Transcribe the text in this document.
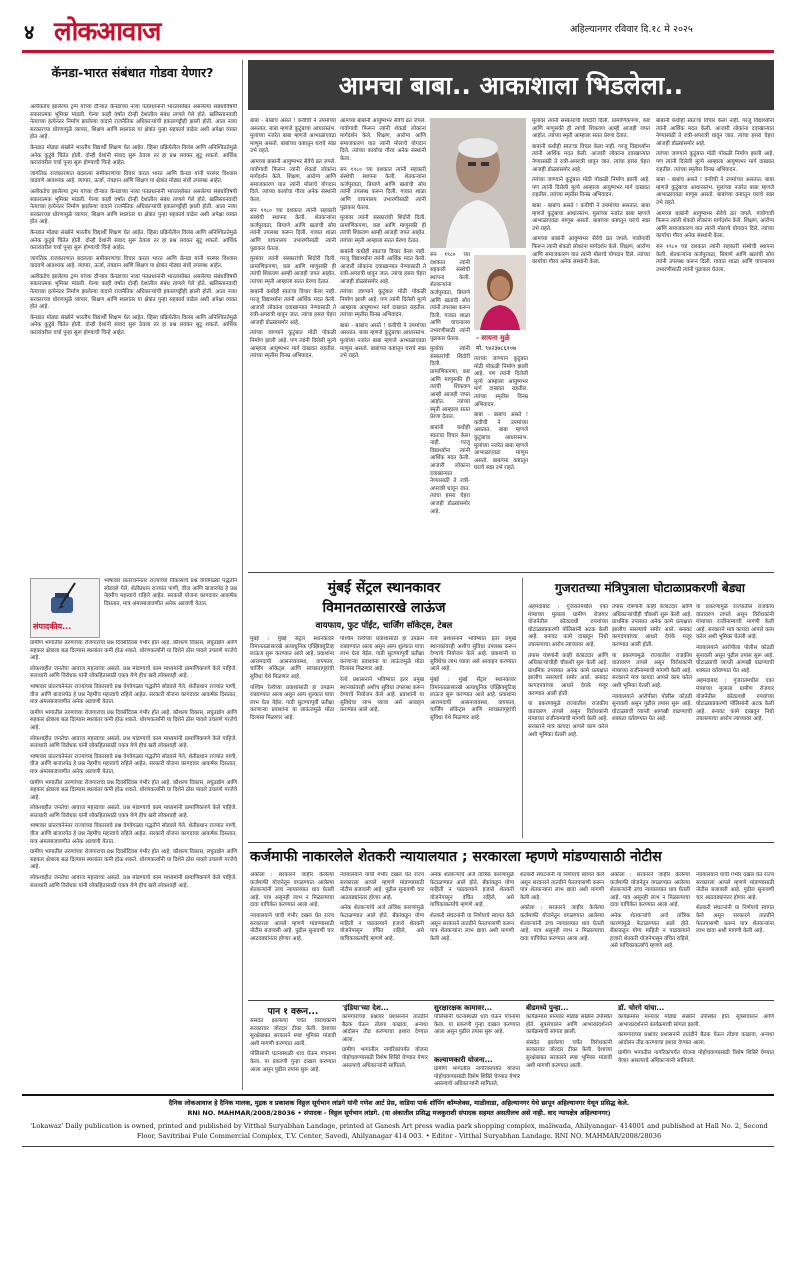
४ लोकआवाज	अहिल्यानगर रविवार दि.१८ मे २०२५
कॅनडा-भारत संबंधात गोडवा येणार?

अलीकडेच झालेल्या ट्रम्प यांच्या दौऱ्यात कॅनडाच्या नव्या पंतप्रधानांनी भारतासोबत असलेल्या संबंधांविषयी सकारात्मक भूमिका मांडली. गेल्या काही वर्षांत दोन्ही देशांतील संबंध ताणले गेले होते. खलिस्तानवादी नेत्याच्या हत्येनंतर निर्माण झालेल्या वादाने राजनैतिक अधिकाऱ्यांची हकालपट्टीही झाली होती. आता नव्या सरकारच्या धोरणामुळे व्यापार, शिक्षण आणि स्थलांतर या क्षेत्रांत पुन्हा सहकार्य वाढेल अशी अपेक्षा व्यक्त होत आहे.

कॅनडात मोठ्या संख्येने भारतीय विद्यार्थी शिक्षण घेत आहेत. व्हिसा प्रक्रियेतील विलंब आणि अनिश्चिततेमुळे अनेक कुटुंबे चिंतेत होती. दोन्ही देशांनी संवाद सुरू ठेवला तर हा प्रश्न लवकर सुटू शकतो. आर्थिक करारांवरील चर्चा पुन्हा सुरू होण्याची चिन्हे आहेत.

जागतिक राजकारणात बदलत्या समीकरणांचा विचार करता भारत आणि कॅनडा यांनी परस्पर विश्वास वाढवणे आवश्यक आहे. व्यापार, ऊर्जा, तंत्रज्ञान आणि शिक्षण या क्षेत्रांत मोठ्या संधी उपलब्ध आहेत.

अलीकडेच झालेल्या ट्रम्प यांच्या दौऱ्यात कॅनडाच्या नव्या पंतप्रधानांनी भारतासोबत असलेल्या संबंधांविषयी सकारात्मक भूमिका मांडली. गेल्या काही वर्षांत दोन्ही देशांतील संबंध ताणले गेले होते. खलिस्तानवादी नेत्याच्या हत्येनंतर निर्माण झालेल्या वादाने राजनैतिक अधिकाऱ्यांची हकालपट्टीही झाली होती. आता नव्या सरकारच्या धोरणामुळे व्यापार, शिक्षण आणि स्थलांतर या क्षेत्रांत पुन्हा सहकार्य वाढेल अशी अपेक्षा व्यक्त होत आहे.

कॅनडात मोठ्या संख्येने भारतीय विद्यार्थी शिक्षण घेत आहेत. व्हिसा प्रक्रियेतील विलंब आणि अनिश्चिततेमुळे अनेक कुटुंबे चिंतेत होती. दोन्ही देशांनी संवाद सुरू ठेवला तर हा प्रश्न लवकर सुटू शकतो. आर्थिक करारांवरील चर्चा पुन्हा सुरू होण्याची चिन्हे आहेत.

जागतिक राजकारणात बदलत्या समीकरणांचा विचार करता भारत आणि कॅनडा यांनी परस्पर विश्वास वाढवणे आवश्यक आहे. व्यापार, ऊर्जा, तंत्रज्ञान आणि शिक्षण या क्षेत्रांत मोठ्या संधी उपलब्ध आहेत.

अलीकडेच झालेल्या ट्रम्प यांच्या दौऱ्यात कॅनडाच्या नव्या पंतप्रधानांनी भारतासोबत असलेल्या संबंधांविषयी सकारात्मक भूमिका मांडली. गेल्या काही वर्षांत दोन्ही देशांतील संबंध ताणले गेले होते. खलिस्तानवादी नेत्याच्या हत्येनंतर निर्माण झालेल्या वादाने राजनैतिक अधिकाऱ्यांची हकालपट्टीही झाली होती. आता नव्या सरकारच्या धोरणामुळे व्यापार, शिक्षण आणि स्थलांतर या क्षेत्रांत पुन्हा सहकार्य वाढेल अशी अपेक्षा व्यक्त होत आहे.

कॅनडात मोठ्या संख्येने भारतीय विद्यार्थी शिक्षण घेत आहेत. व्हिसा प्रक्रियेतील विलंब आणि अनिश्चिततेमुळे अनेक कुटुंबे चिंतेत होती. दोन्ही देशांनी संवाद सुरू ठेवला तर हा प्रश्न लवकर सुटू शकतो. आर्थिक करारांवरील चर्चा पुन्हा सुरू होण्याची चिन्हे आहेत.

संपादकीय...

भाषावार प्रांतरचनेनंतर राज्यांच्या विकासाचे प्रश्न वेगवेगळ्या पद्धतीने सोडवले गेले. शेतीप्रधान राज्यांत पाणी, वीज आणि बाजारपेठ हे प्रश्न नेहमीच महत्त्वाचे राहिले आहेत. सरकारी योजना कागदावर आकर्षक दिसतात, मात्र अंमलबजावणीत अनेक अडचणी येतात.

ग्रामीण भागातील तरुणांच्या रोजगाराचा प्रश्न दिवसेंदिवस गंभीर होत आहे. कौशल्य विकास, लघुउद्योग आणि सहकार क्षेत्राला बळ दिल्यास स्थलांतर कमी होऊ शकते. धोरणकर्त्यांनी या दिशेने ठोस पावले उचलणे गरजेचे आहे.

लोकशाहीत जनतेचा आवाज महत्त्वाचा असतो. प्रश्न मांडण्याचे काम माध्यमांनी प्रामाणिकपणे केले पाहिजे. सत्ताधारी आणि विरोधक यांनी लोकहितासाठी एकत्र येणे हीच खरी लोकशाही आहे.

भाषावार प्रांतरचनेनंतर राज्यांच्या विकासाचे प्रश्न वेगवेगळ्या पद्धतीने सोडवले गेले. शेतीप्रधान राज्यांत पाणी, वीज आणि बाजारपेठ हे प्रश्न नेहमीच महत्त्वाचे राहिले आहेत. सरकारी योजना कागदावर आकर्षक दिसतात, मात्र अंमलबजावणीत अनेक अडचणी येतात.

ग्रामीण भागातील तरुणांच्या रोजगाराचा प्रश्न दिवसेंदिवस गंभीर होत आहे. कौशल्य विकास, लघुउद्योग आणि सहकार क्षेत्राला बळ दिल्यास स्थलांतर कमी होऊ शकते. धोरणकर्त्यांनी या दिशेने ठोस पावले उचलणे गरजेचे आहे.

लोकशाहीत जनतेचा आवाज महत्त्वाचा असतो. प्रश्न मांडण्याचे काम माध्यमांनी प्रामाणिकपणे केले पाहिजे. सत्ताधारी आणि विरोधक यांनी लोकहितासाठी एकत्र येणे हीच खरी लोकशाही आहे.

भाषावार प्रांतरचनेनंतर राज्यांच्या विकासाचे प्रश्न वेगवेगळ्या पद्धतीने सोडवले गेले. शेतीप्रधान राज्यांत पाणी, वीज आणि बाजारपेठ हे प्रश्न नेहमीच महत्त्वाचे राहिले आहेत. सरकारी योजना कागदावर आकर्षक दिसतात, मात्र अंमलबजावणीत अनेक अडचणी येतात.

ग्रामीण भागातील तरुणांच्या रोजगाराचा प्रश्न दिवसेंदिवस गंभीर होत आहे. कौशल्य विकास, लघुउद्योग आणि सहकार क्षेत्राला बळ दिल्यास स्थलांतर कमी होऊ शकते. धोरणकर्त्यांनी या दिशेने ठोस पावले उचलणे गरजेचे आहे.

लोकशाहीत जनतेचा आवाज महत्त्वाचा असतो. प्रश्न मांडण्याचे काम माध्यमांनी प्रामाणिकपणे केले पाहिजे. सत्ताधारी आणि विरोधक यांनी लोकहितासाठी एकत्र येणे हीच खरी लोकशाही आहे.

भाषावार प्रांतरचनेनंतर राज्यांच्या विकासाचे प्रश्न वेगवेगळ्या पद्धतीने सोडवले गेले. शेतीप्रधान राज्यांत पाणी, वीज आणि बाजारपेठ हे प्रश्न नेहमीच महत्त्वाचे राहिले आहेत. सरकारी योजना कागदावर आकर्षक दिसतात, मात्र अंमलबजावणीत अनेक अडचणी येतात.

ग्रामीण भागातील तरुणांच्या रोजगाराचा प्रश्न दिवसेंदिवस गंभीर होत आहे. कौशल्य विकास, लघुउद्योग आणि सहकार क्षेत्राला बळ दिल्यास स्थलांतर कमी होऊ शकते. धोरणकर्त्यांनी या दिशेने ठोस पावले उचलणे गरजेचे आहे.

लोकशाहीत जनतेचा आवाज महत्त्वाचा असतो. प्रश्न मांडण्याचे काम माध्यमांनी प्रामाणिकपणे केले पाहिजे. सत्ताधारी आणि विरोधक यांनी लोकहितासाठी एकत्र येणे हीच खरी लोकशाही आहे.

आमचा बाबा.. आकाशाला भिडलेला..

बाबा - बाबांच असते ! कवीची ने उपमांच्या असतात. बाबा म्हणजे कुटुंबाचा आधारस्तंभ. मुलांच्या नजरेत बाबा म्हणजे आभाळाएवढा माणूस असतो. बाबांच्या कष्टातून घराचे स्वप्न उभे राहते.

आमच्या बाबांनी आयुष्यभर सेवेचे व्रत जपले. गावोगावी फिरून त्यांनी शेकडो लोकांना मार्गदर्शन केले. शिक्षण, आरोग्य आणि समाजकारण यात त्यांनी मोलाचे योगदान दिले. त्यांच्या कार्याचा गौरव अनेक संस्थांनी केला.

सन १९८० च्या दशकात त्यांनी सहकारी संस्थेची स्थापना केली. शेतकऱ्यांना कर्जपुरवठा, बियाणे आणि खतांची सोय त्यांनी उपलब्ध करून दिली. गावात शाळा आणि वाचनालय उभारणीसाठी त्यांनी पुढाकार घेतला.

मुलांवर त्यांनी संस्कारांची शिदोरी दिली. प्रामाणिकपणा, कष्ट आणि माणुसकी ही त्यांची शिकवण आम्ही आजही जपत आहोत. त्यांच्या स्मृती आम्हाला सतत प्रेरणा देतात.

बाबांनी कधीही स्वतःचा विचार केला नाही. गरजू विद्यार्थ्यांना त्यांनी आर्थिक मदत केली. आजारी लोकांना दवाखान्यात नेण्यासाठी ते रात्री-अपरात्री धावून जात. त्यांचा हसरा चेहरा आजही डोळ्यांसमोर आहे.

त्यांच्या जाण्याने कुटुंबात मोठी पोकळी निर्माण झाली आहे. पण त्यांनी दिलेली मूल्ये आम्हाला आयुष्यभर मार्ग दाखवत राहतील. त्यांच्या स्मृतीस विनम्र अभिवादन.

आमच्या बाबांनी आयुष्यभर सेवेचे व्रत जपले. गावोगावी फिरून त्यांनी शेकडो लोकांना मार्गदर्शन केले. शिक्षण, आरोग्य आणि समाजकारण यात त्यांनी मोलाचे योगदान दिले. त्यांच्या कार्याचा गौरव अनेक संस्थांनी केला.

सन १९८० च्या दशकात त्यांनी सहकारी संस्थेची स्थापना केली. शेतकऱ्यांना कर्जपुरवठा, बियाणे आणि खतांची सोय त्यांनी उपलब्ध करून दिली. गावात शाळा आणि वाचनालय उभारणीसाठी त्यांनी पुढाकार घेतला.

मुलांवर त्यांनी संस्कारांची शिदोरी दिली. प्रामाणिकपणा, कष्ट आणि माणुसकी ही त्यांची शिकवण आम्ही आजही जपत आहोत. त्यांच्या स्मृती आम्हाला सतत प्रेरणा देतात.

बाबांनी कधीही स्वतःचा विचार केला नाही. गरजू विद्यार्थ्यांना त्यांनी आर्थिक मदत केली. आजारी लोकांना दवाखान्यात नेण्यासाठी ते रात्री-अपरात्री धावून जात. त्यांचा हसरा चेहरा आजही डोळ्यांसमोर आहे.

त्यांच्या जाण्याने कुटुंबात मोठी पोकळी निर्माण झाली आहे. पण त्यांनी दिलेली मूल्ये आम्हाला आयुष्यभर मार्ग दाखवत राहतील. त्यांच्या स्मृतीस विनम्र अभिवादन.

बाबा - बाबांच असते ! कवीची ने उपमांच्या असतात. बाबा म्हणजे कुटुंबाचा आधारस्तंभ. मुलांच्या नजरेत बाबा म्हणजे आभाळाएवढा माणूस असतो. बाबांच्या कष्टातून घराचे स्वप्न उभे राहते.

सन १९८० च्या दशकात त्यांनी सहकारी संस्थेची स्थापना केली. शेतकऱ्यांना कर्जपुरवठा, बियाणे आणि खतांची सोय त्यांनी उपलब्ध करून दिली. गावात शाळा आणि वाचनालय उभारणीसाठी त्यांनी पुढाकार घेतला.

मुलांवर त्यांनी संस्कारांची शिदोरी दिली. प्रामाणिकपणा, कष्ट आणि माणुसकी ही त्यांची शिकवण आम्ही आजही जपत आहोत. त्यांच्या स्मृती आम्हाला सतत प्रेरणा देतात.

बाबांनी कधीही स्वतःचा विचार केला नाही. गरजू विद्यार्थ्यांना त्यांनी आर्थिक मदत केली. आजारी लोकांना दवाखान्यात नेण्यासाठी ते रात्री-अपरात्री धावून जात. त्यांचा हसरा चेहरा आजही डोळ्यांसमोर आहे.

- सायना मुळे
मो. ९४२३७८६१०७

त्यांच्या जाण्याने कुटुंबात मोठी पोकळी निर्माण झाली आहे. पण त्यांनी दिलेली मूल्ये आम्हाला आयुष्यभर मार्ग दाखवत राहतील. त्यांच्या स्मृतीस विनम्र अभिवादन.

बाबा - बाबांच असते ! कवीची ने उपमांच्या असतात. बाबा म्हणजे कुटुंबाचा आधारस्तंभ. मुलांच्या नजरेत बाबा म्हणजे आभाळाएवढा माणूस असतो. बाबांच्या कष्टातून घराचे स्वप्न उभे राहते.

मुलांवर त्यांनी संस्कारांची शिदोरी दिली. प्रामाणिकपणा, कष्ट आणि माणुसकी ही त्यांची शिकवण आम्ही आजही जपत आहोत. त्यांच्या स्मृती आम्हाला सतत प्रेरणा देतात.

बाबांनी कधीही स्वतःचा विचार केला नाही. गरजू विद्यार्थ्यांना त्यांनी आर्थिक मदत केली. आजारी लोकांना दवाखान्यात नेण्यासाठी ते रात्री-अपरात्री धावून जात. त्यांचा हसरा चेहरा आजही डोळ्यांसमोर आहे.

त्यांच्या जाण्याने कुटुंबात मोठी पोकळी निर्माण झाली आहे. पण त्यांनी दिलेली मूल्ये आम्हाला आयुष्यभर मार्ग दाखवत राहतील. त्यांच्या स्मृतीस विनम्र अभिवादन.

बाबा - बाबांच असते ! कवीची ने उपमांच्या असतात. बाबा म्हणजे कुटुंबाचा आधारस्तंभ. मुलांच्या नजरेत बाबा म्हणजे आभाळाएवढा माणूस असतो. बाबांच्या कष्टातून घराचे स्वप्न उभे राहते.

आमच्या बाबांनी आयुष्यभर सेवेचे व्रत जपले. गावोगावी फिरून त्यांनी शेकडो लोकांना मार्गदर्शन केले. शिक्षण, आरोग्य आणि समाजकारण यात त्यांनी मोलाचे योगदान दिले. त्यांच्या कार्याचा गौरव अनेक संस्थांनी केला.

बाबांनी कधीही स्वतःचा विचार केला नाही. गरजू विद्यार्थ्यांना त्यांनी आर्थिक मदत केली. आजारी लोकांना दवाखान्यात नेण्यासाठी ते रात्री-अपरात्री धावून जात. त्यांचा हसरा चेहरा आजही डोळ्यांसमोर आहे.

त्यांच्या जाण्याने कुटुंबात मोठी पोकळी निर्माण झाली आहे. पण त्यांनी दिलेली मूल्ये आम्हाला आयुष्यभर मार्ग दाखवत राहतील. त्यांच्या स्मृतीस विनम्र अभिवादन.

बाबा - बाबांच असते ! कवीची ने उपमांच्या असतात. बाबा म्हणजे कुटुंबाचा आधारस्तंभ. मुलांच्या नजरेत बाबा म्हणजे आभाळाएवढा माणूस असतो. बाबांच्या कष्टातून घराचे स्वप्न उभे राहते.

आमच्या बाबांनी आयुष्यभर सेवेचे व्रत जपले. गावोगावी फिरून त्यांनी शेकडो लोकांना मार्गदर्शन केले. शिक्षण, आरोग्य आणि समाजकारण यात त्यांनी मोलाचे योगदान दिले. त्यांच्या कार्याचा गौरव अनेक संस्थांनी केला.

सन १९८० च्या दशकात त्यांनी सहकारी संस्थेची स्थापना केली. शेतकऱ्यांना कर्जपुरवठा, बियाणे आणि खतांची सोय त्यांनी उपलब्ध करून दिली. गावात शाळा आणि वाचनालय उभारणीसाठी त्यांनी पुढाकार घेतला.

मुंबई सेंट्रल स्थानकावर
विमानतळासारखे लाऊंज
वायफाय, फुट पॉईंट, चार्जिंग सॉकेट्स, टेबल

मुंबई : मुंबई सेंट्रल स्थानकावर विमानतळासारखे अत्याधुनिक एक्झिक्युटिव्ह लाऊंज सुरू करण्यात आले आहे. प्रवाशांना आरामदायी आसनव्यवस्था, वायफाय, चार्जिंग सॉकेट्स आणि स्वच्छतागृहांची सुविधा येथे मिळणार आहे.

पश्चिम रेल्वेच्या प्रवाशांसाठी हा उपक्रम राबवण्यात आला असून अल्प शुल्कात याचा लाभ घेता येईल. गाडी सुटण्यापूर्वी प्रतीक्षा करणाऱ्या प्रवाशांना या लाऊंजमुळे मोठा दिलासा मिळणार आहे.

पश्चिम रेल्वेच्या प्रवाशांसाठी हा उपक्रम राबवण्यात आला असून अल्प शुल्कात याचा लाभ घेता येईल. गाडी सुटण्यापूर्वी प्रतीक्षा करणाऱ्या प्रवाशांना या लाऊंजमुळे मोठा दिलासा मिळणार आहे.

रेल्वे प्रशासनाने भविष्यात इतर प्रमुख स्थानकांवरही अशीच सुविधा उपलब्ध करून देण्याचे नियोजन केले आहे. प्रवाशांनी या सुविधेचा लाभ घ्यावा असे आवाहन करण्यात आले आहे.

रेल्वे प्रशासनाने भविष्यात इतर प्रमुख स्थानकांवरही अशीच सुविधा उपलब्ध करून देण्याचे नियोजन केले आहे. प्रवाशांनी या सुविधेचा लाभ घ्यावा असे आवाहन करण्यात आले आहे.

मुंबई : मुंबई सेंट्रल स्थानकावर विमानतळासारखे अत्याधुनिक एक्झिक्युटिव्ह लाऊंज सुरू करण्यात आले आहे. प्रवाशांना आरामदायी आसनव्यवस्था, वायफाय, चार्जिंग सॉकेट्स आणि स्वच्छतागृहांची सुविधा येथे मिळणार आहे.

गुजरातच्या मंत्रिपुत्राला घोटाळाप्रकरणी बेड्या

अहमदाबाद : गुजरातमधील एका मंत्र्याच्या मुलाला ग्रामीण रोजगार योजनेतील कोट्यवधी रुपयांच्या घोटाळ्याप्रकरणी पोलिसांनी अटक केली आहे. बनावट कामे दाखवून निधी उचलल्याचा आरोप त्याच्यावर आहे.

तपास यंत्रणांनी काही कंत्राटदार आणि अधिकाऱ्यांचीही चौकशी सुरू केली आहे. प्राथमिक तपासात अनेक कामे प्रत्यक्षात झालीच नसल्याचे समोर आले. बनावट कागदपत्रांच्या आधारे देयके मंजूर करण्यात आली होती.

या प्रकरणामुळे राज्यातील राजकीय वातावरण तापले असून विरोधकांनी मंत्र्याच्या राजीनाम्याची मागणी केली आहे. सरकारने मात्र कायदा आपले काम करेल अशी भूमिका घेतली आहे.

तपास यंत्रणांनी काही कंत्राटदार आणि अधिकाऱ्यांचीही चौकशी सुरू केली आहे. प्राथमिक तपासात अनेक कामे प्रत्यक्षात झालीच नसल्याचे समोर आले. बनावट कागदपत्रांच्या आधारे देयके मंजूर करण्यात आली होती.

या प्रकरणामुळे राज्यातील राजकीय वातावरण तापले असून विरोधकांनी मंत्र्याच्या राजीनाम्याची मागणी केली आहे. सरकारने मात्र कायदा आपले काम करेल अशी भूमिका घेतली आहे.

न्यायालयाने आरोपीला पोलीस कोठडी सुनावली असून पुढील तपास सुरू आहे. घोटाळ्याची व्याप्ती आणखी वाढण्याची शक्यता वर्तवण्यात येत आहे.

या प्रकरणामुळे राज्यातील राजकीय वातावरण तापले असून विरोधकांनी मंत्र्याच्या राजीनाम्याची मागणी केली आहे. सरकारने मात्र कायदा आपले काम करेल अशी भूमिका घेतली आहे.

न्यायालयाने आरोपीला पोलीस कोठडी सुनावली असून पुढील तपास सुरू आहे. घोटाळ्याची व्याप्ती आणखी वाढण्याची शक्यता वर्तवण्यात येत आहे.

अहमदाबाद : गुजरातमधील एका मंत्र्याच्या मुलाला ग्रामीण रोजगार योजनेतील कोट्यवधी रुपयांच्या घोटाळ्याप्रकरणी पोलिसांनी अटक केली आहे. बनावट कामे दाखवून निधी उचलल्याचा आरोप त्याच्यावर आहे.

कर्जमाफी नाकारलेले शेतकरी न्यायालयात ; सरकारला म्हणणे मांडण्यासाठी नोटीस

अकोला : सरकारने जाहीर केलेल्या कर्जमाफी योजनेतून वगळण्यात आलेल्या शेतकऱ्यांनी उच्च न्यायालयात धाव घेतली आहे. पात्र असूनही लाभ न मिळाल्याचा दावा याचिकेत करण्यात आला आहे.

न्यायालयाने याची गंभीर दखल घेत राज्य सरकारला आपले म्हणणे मांडण्यासाठी नोटीस बजावली आहे. पुढील सुनावणी चार आठवड्यांनंतर होणार आहे.

न्यायालयाने याची गंभीर दखल घेत राज्य सरकारला आपले म्हणणे मांडण्यासाठी नोटीस बजावली आहे. पुढील सुनावणी चार आठवड्यांनंतर होणार आहे.

अनेक शेतकऱ्यांचे अर्ज तांत्रिक कारणांमुळे फेटाळण्यात आले होते. बँकांकडून योग्य माहिती न पाठवल्याने हजारो शेतकरी योजनेपासून वंचित राहिले, असे याचिकाकर्त्यांचे म्हणणे आहे.

अनेक शेतकऱ्यांचे अर्ज तांत्रिक कारणांमुळे फेटाळण्यात आले होते. बँकांकडून योग्य माहिती न पाठवल्याने हजारो शेतकरी योजनेपासून वंचित राहिले, असे याचिकाकर्त्यांचे म्हणणे आहे.

शेतकरी संघटनांनी या निर्णयाचे स्वागत केले असून सरकारने तातडीने फेरतपासणी करून पात्र शेतकऱ्यांना लाभ द्यावा अशी मागणी केली आहे.

शेतकरी संघटनांनी या निर्णयाचे स्वागत केले असून सरकारने तातडीने फेरतपासणी करून पात्र शेतकऱ्यांना लाभ द्यावा अशी मागणी केली आहे.

अकोला : सरकारने जाहीर केलेल्या कर्जमाफी योजनेतून वगळण्यात आलेल्या शेतकऱ्यांनी उच्च न्यायालयात धाव घेतली आहे. पात्र असूनही लाभ न मिळाल्याचा दावा याचिकेत करण्यात आला आहे.

अकोला : सरकारने जाहीर केलेल्या कर्जमाफी योजनेतून वगळण्यात आलेल्या शेतकऱ्यांनी उच्च न्यायालयात धाव घेतली आहे. पात्र असूनही लाभ न मिळाल्याचा दावा याचिकेत करण्यात आला आहे.

अनेक शेतकऱ्यांचे अर्ज तांत्रिक कारणांमुळे फेटाळण्यात आले होते. बँकांकडून योग्य माहिती न पाठवल्याने हजारो शेतकरी योजनेपासून वंचित राहिले, असे याचिकाकर्त्यांचे म्हणणे आहे.

न्यायालयाने याची गंभीर दखल घेत राज्य सरकारला आपले म्हणणे मांडण्यासाठी नोटीस बजावली आहे. पुढील सुनावणी चार आठवड्यांनंतर होणार आहे.

शेतकरी संघटनांनी या निर्णयाचे स्वागत केले असून सरकारने तातडीने फेरतपासणी करून पात्र शेतकऱ्यांना लाभ द्यावा अशी मागणी केली आहे.

पान १ वरून...

संसदेत झालेल्या चर्चेत विरोधकांनी सरकारवर जोरदार टीका केली. देशाच्या सुरक्षेबाबत सरकारने स्पष्ट भूमिका मांडावी अशी मागणी करण्यात आली.

पोलिसांनी घटनास्थळी धाव घेऊन पंचनामा केला. या प्रकरणी गुन्हा दाखल करण्यात आला असून पुढील तपास सुरू आहे.

'इंडिया'च्या देश...

कामगारांच्या प्रश्नांवर प्रशासनाने तातडीने बैठक घेऊन तोडगा काढावा, अन्यथा आंदोलन तीव्र करण्याचा इशारा देण्यात आला.

ग्रामीण भागातील नागरिकांपर्यंत योजना पोहोचवण्यासाठी विशेष शिबिरे घेण्यात येणार असल्याचे अधिकाऱ्यांनी सांगितले.

सुरक्षारक्षक कामावर...

पोलिसांनी घटनास्थळी धाव घेऊन पंचनामा केला. या प्रकरणी गुन्हा दाखल करण्यात आला असून पुढील तपास सुरू आहे.

कल्याणकारी योजना...

ग्रामीण भागातील नागरिकांपर्यंत योजना पोहोचवण्यासाठी विशेष शिबिरे घेण्यात येणार असल्याचे अधिकाऱ्यांनी सांगितले.

बीडमध्ये पुन्हा...

कार्यक्रमास मान्यवर मोठ्या संख्येने उपस्थित होते. सूत्रसंचालन आणि आभारप्रदर्शनाने कार्यक्रमाची सांगता झाली.

संसदेत झालेल्या चर्चेत विरोधकांनी सरकारवर जोरदार टीका केली. देशाच्या सुरक्षेबाबत सरकारने स्पष्ट भूमिका मांडावी अशी मागणी करण्यात आली.

डॉ. चोरगे यांचा...

कार्यक्रमास मान्यवर मोठ्या संख्येने उपस्थित होते. सूत्रसंचालन आणि आभारप्रदर्शनाने कार्यक्रमाची सांगता झाली.

कामगारांच्या प्रश्नांवर प्रशासनाने तातडीने बैठक घेऊन तोडगा काढावा, अन्यथा आंदोलन तीव्र करण्याचा इशारा देण्यात आला.

ग्रामीण भागातील नागरिकांपर्यंत योजना पोहोचवण्यासाठी विशेष शिबिरे घेण्यात येणार असल्याचे अधिकाऱ्यांनी सांगितले.

दैनिक लोकआवाज हे दैनिक मालक, मुद्रक व प्रकाशक विठ्ठल सूर्यभान लांडगे यांनी गणेश आर्ट प्रेस, वाडिया पार्क शॉपिंग कॉम्प्लेक्स, माळीवाडा, अहिल्यानगर येथे छापून अहिल्यानगर येथून प्रसिद्ध केले.
RNI NO. MAHMAR/2008/28036 • संपादक - विठ्ठल सूर्यभान लांडगे. (या अंकातील प्रसिद्ध मजकुराशी संपादक सहमत असतीलच असे नाही. वाद न्यायक्षेत्र अहिल्यानगर)
'Lokawaz' Daily publication is owned, printed and published by Vitthal Suryabhan Landage, printed at Ganesh Art press wadia park shopping complex, maliwada, Ahilyanagar- 414001 and published at Hall No. 2, Second Floor, Savitribai Fule Commercial Complex, T.V. Center, Savedi, Ahilyanagar 414 003. • Editor - Vitthal Suryabhan Landage. RNI NO. MAHMAR/2008/28036
